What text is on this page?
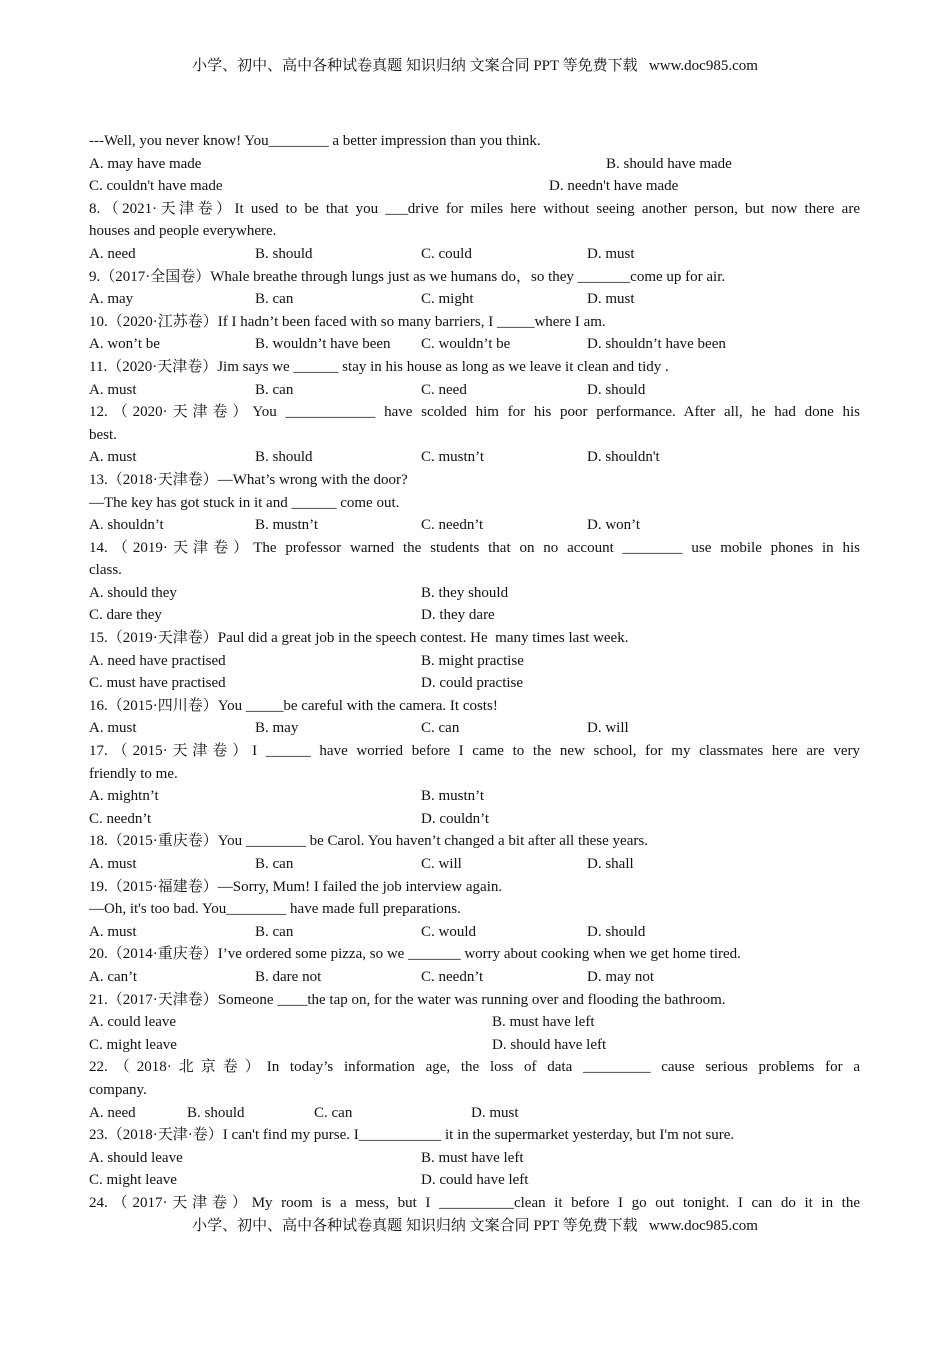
小学、初中、高中各种试卷真题 知识归纳 文案合同 PPT 等免费下载   www.doc985.com
---Well, you never know! You________ a better impression than you think.

A. may have made

	B. should have made

C. couldn't have made

	D. needn't have made

8.（2021·天津卷）It used to be that you ___drive for miles here without seeing another person, but now there are
houses and people everywhere.

A. need

	B. should

	C. could

	D. must

9.（2017·全国卷）Whale breathe through lungs just as we humans do，so they _______come up for air.

A. may

	B. can

	C. might

	D. must

10.（2020·江苏卷）If I hadn’t been faced with so many barriers, I _____where I am.

A. won’t be

	B. wouldn’t have been

C. wouldn’t be

	D. shouldn’t have been

11.（2020·天津卷）Jim says we ______ stay in his house as long as we leave it clean and tidy .

A. must

	B. can

	C. need

	D. should

12.（2020·天津卷）You ____________ have scolded him for his poor performance. After all, he had done his
best.

A. must

	B. should

	C. mustn’t

	D. shouldn't

13.（2018·天津卷）—What’s wrong with the door?
—The key has got stuck in it and ______ come out.

A. shouldn’t

	B. mustn’t

	C. needn’t

	D. won’t

14.（2019·天津卷）The professor warned the students that on no account ________ use mobile phones in his
class.

A. should they

	B. they should

C. dare they

	D. they dare

15.（2019·天津卷）Paul did a great job in the speech contest. He  many times last week.

A. need have practised

	B. might practise

C. must have practised

	D. could practise

16.（2015·四川卷）You _____be careful with the camera. It costs!

A. must

	B. may

	C. can

	D. will

17.（2015·天津卷）I ______ have worried before I came to the new school, for my classmates here are very
friendly to me.

A. mightn’t

	B. mustn’t

C. needn’t

	D. couldn’t

18.（2015·重庆卷）You ________ be Carol. You haven’t changed a bit after all these years.

A. must

	B. can

	C. will

	D. shall

19.（2015·福建卷）—Sorry, Mum! I failed the job interview again.
—Oh, it's too bad. You________ have made full preparations.

A. must

	B. can

	C. would

	D. should

20.（2014·重庆卷）I’ve ordered some pizza, so we _______ worry about cooking when we get home tired.

A. can’t

	B. dare not

	C. needn’t

	D. may not

21.（2017·天津卷）Someone ____the tap on, for the water was running over and flooding the bathroom.

A. could leave

	B. must have left

C. might leave

	D. should have left

22.（2018·北京卷）In today’s information age, the loss of data _________ cause serious problems for a
company.

A. need

	B. should

	C. can

	D. must

23.（2018·天津·卷）I can't find my purse. I___________ it in the supermarket yesterday, but I'm not sure.

A. should leave

	B. must have left

C. might leave

	D. could have left

24.（2017·天津卷）My room is a mess, but I __________clean it before I go out tonight. I can do it in the
小学、初中、高中各种试卷真题 知识归纳 文案合同 PPT 等免费下载   www.doc985.com
